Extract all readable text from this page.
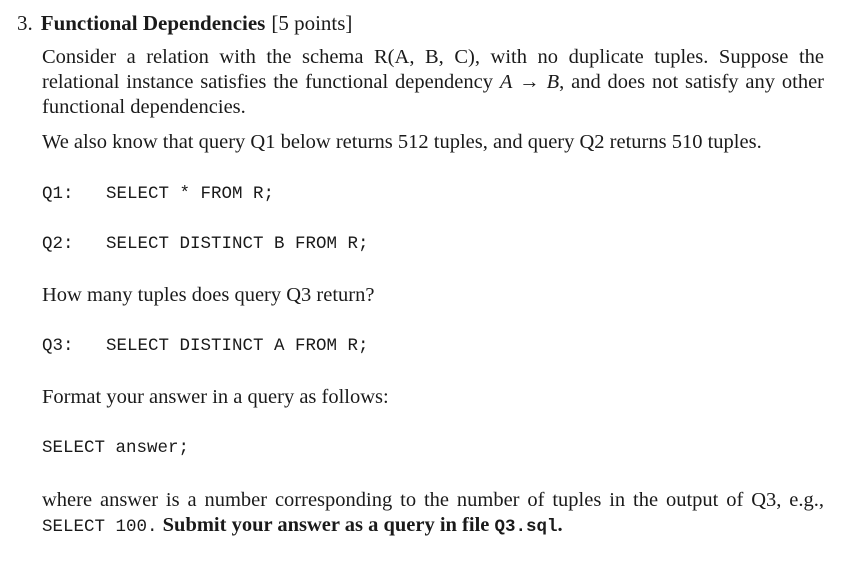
3. Functional Dependencies [5 points]
Consider a relation with the schema R(A, B, C), with no duplicate tuples. Suppose the relational instance satisfies the functional dependency A → B, and does not satisfy any other functional dependencies.
We also know that query Q1 below returns 512 tuples, and query Q2 returns 510 tuples.
Q1: SELECT * FROM R;
Q2: SELECT DISTINCT B FROM R;
How many tuples does query Q3 return?
Q3: SELECT DISTINCT A FROM R;
Format your answer in a query as follows:
SELECT answer;
where answer is a number corresponding to the number of tuples in the output of Q3, e.g., SELECT 100. Submit your answer as a query in file Q3.sql.
